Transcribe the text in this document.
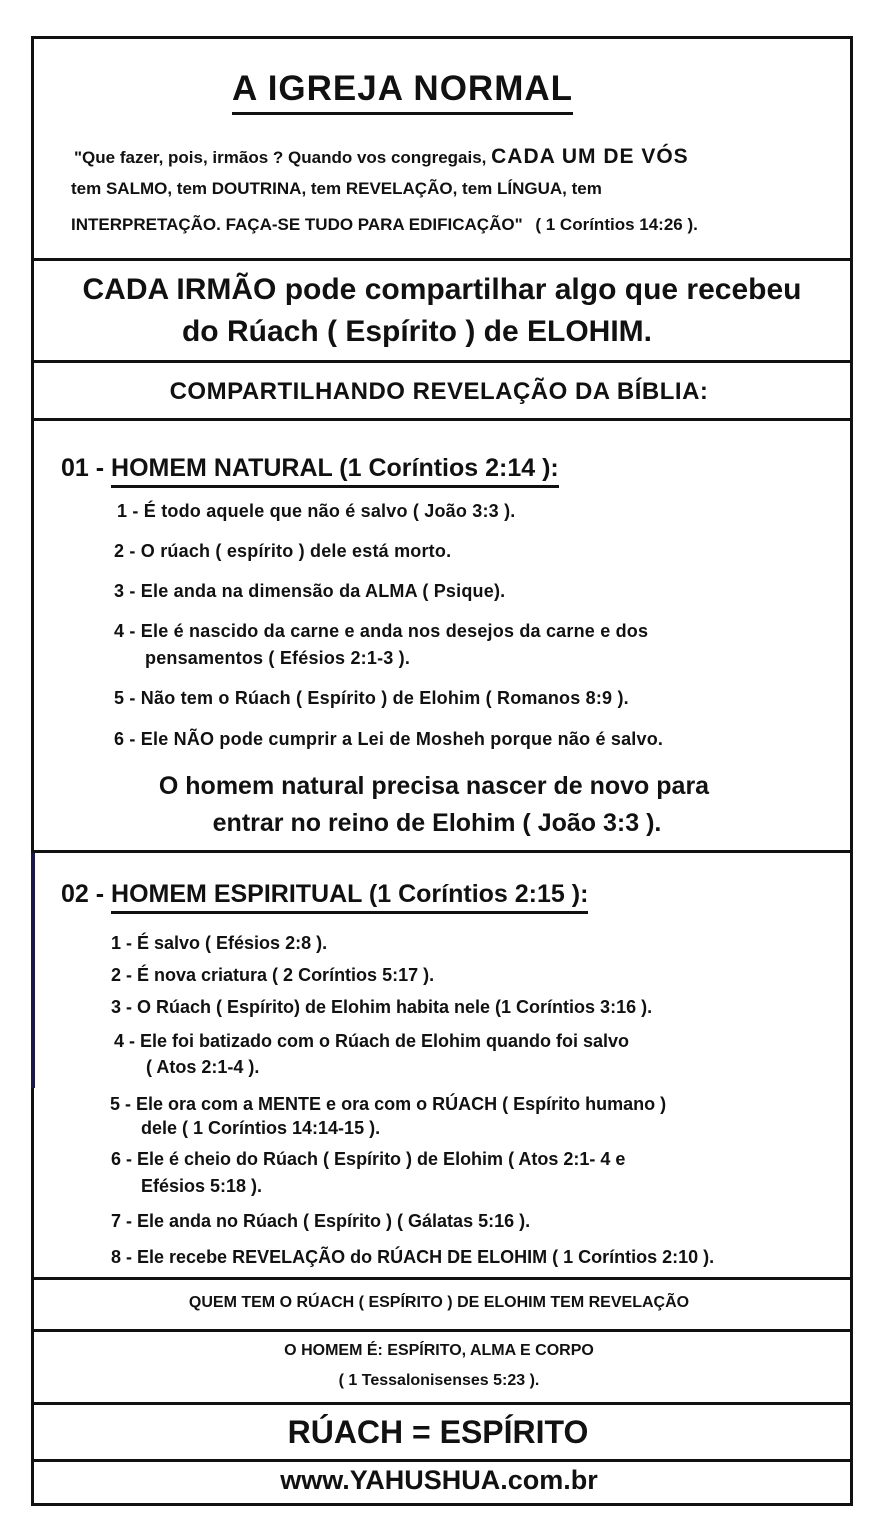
A IGREJA NORMAL
"Que fazer, pois, irmãos ? Quando vos congregais, CADA UM DE VÓS
tem SALMO, tem DOUTRINA, tem REVELAÇÃO, tem LÍNGUA, tem
INTERPRETAÇÃO. FAÇA-SE TUDO PARA EDIFICAÇÃO" ( 1 Coríntios 14:26 ).
CADA IRMÃO pode compartilhar algo que recebeu
do Rúach ( Espírito ) de ELOHIM.
COMPARTILHANDO REVELAÇÃO DA BÍBLIA:
01 - HOMEM NATURAL (1 Coríntios 2:14 ):
1 - É todo aquele que não é salvo ( João 3:3 ).
2 - O rúach ( espírito ) dele está morto.
3 - Ele anda na dimensão da ALMA ( Psique).
4 - Ele é nascido da carne e anda nos desejos da carne e dos
pensamentos ( Efésios 2:1-3 ).
5 - Não tem o Rúach ( Espírito ) de Elohim ( Romanos 8:9 ).
6 - Ele NÃO pode cumprir a Lei de Mosheh porque não é salvo.
O homem natural precisa nascer de novo para
entrar no reino de Elohim ( João 3:3 ).
02 - HOMEM ESPIRITUAL (1 Coríntios 2:15 ):
1 - É salvo ( Efésios 2:8 ).
2 - É nova criatura ( 2 Coríntios 5:17 ).
3 - O Rúach ( Espírito) de Elohim habita nele (1 Coríntios 3:16 ).
4 - Ele foi batizado com o Rúach de Elohim quando foi salvo
( Atos 2:1-4 ).
5 - Ele ora com a MENTE e ora com o RÚACH ( Espírito humano )
dele ( 1 Coríntios 14:14-15 ).
6 - Ele é cheio do Rúach ( Espírito ) de Elohim ( Atos 2:1- 4 e
Efésios 5:18 ).
7 - Ele anda no Rúach ( Espírito ) ( Gálatas 5:16 ).
8 - Ele recebe REVELAÇÃO do RÚACH DE ELOHIM ( 1 Coríntios 2:10 ).
QUEM TEM O RÚACH ( ESPÍRITO ) DE ELOHIM TEM REVELAÇÃO
O HOMEM É: ESPÍRITO, ALMA E CORPO
( 1 Tessalonisenses 5:23 ).
RÚACH = ESPÍRITO
www.YAHUSHUA.com.br
